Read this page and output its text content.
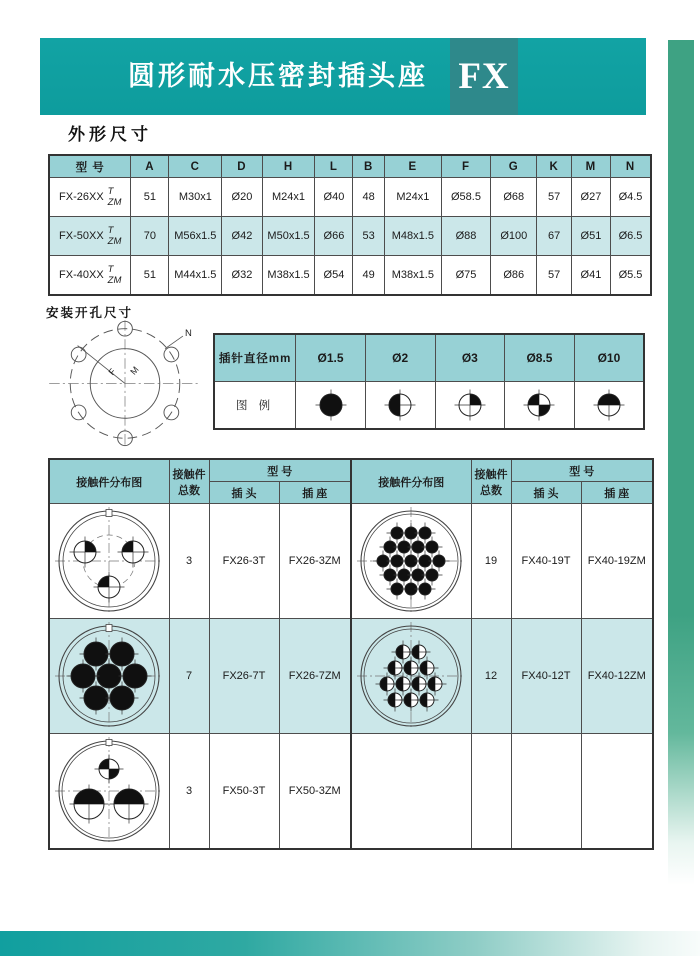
圆形耐水压密封插头座 FX
外形尺寸
型 号	A	C	D	H	L	B	E	F	G	K	M	N

FX-26XX T
ZM	51	M30x1	Ø20	M24x1	Ø40	48	M24x1	Ø58.5	Ø68	57	Ø27	Ø4.5

FX-50XX T
ZM	70	M56x1.5	Ø42	M50x1.5	Ø66	53	M48x1.5	Ø88	Ø100	67	Ø51	Ø6.5

FX-40XX T
ZM	51	M44x1.5	Ø32	M38x1.5	Ø54	49	M38x1.5	Ø75	Ø86	57	Ø41	Ø5.5
安装开孔尺寸
N
M
F
插针直径mm	Ø1.5	Ø2	Ø3	Ø8.5	Ø10
图 例	

接触件分布图	
接触件
总数
	型 号	接触件分布图	
接触件
总数
	型 号
		插 头	插 座			插 头	插 座

	3	FX26-3T	FX26-3ZM		19	FX40-19T	FX40-19ZM

	7	FX26-7T	FX26-7ZM		12	FX40-12T	FX40-12ZM

	3	FX50-3T	FX50-3ZM				
